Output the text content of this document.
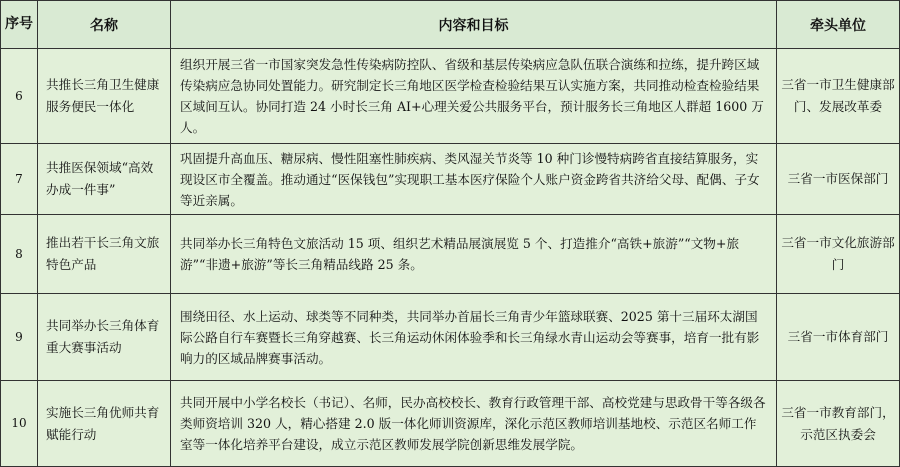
序号	名称	内容和目标	牵头单位
6	共推长三角卫生健康服务便民一体化	组织开展三省一市国家突发急性传染病防控队、省级和基层传染病应急队伍联合演练和拉练，提升跨区域传染病应急协同处置能力。研究制定长三角地区医学检查检验结果互认实施方案，共同推动检查检验结果区域间互认。协同打造 24 小时长三角 AI+心理关爱公共服务平台，预计服务长三角地区人群超 1600 万人。	三省一市卫生健康部门、发展改革委
7	共推医保领域“高效办成一件事”	巩固提升高血压、糖尿病、慢性阻塞性肺疾病、类风湿关节炎等 10 种门诊慢特病跨省直接结算服务，实现设区市全覆盖。推动通过“医保钱包”实现职工基本医疗保险个人账户资金跨省共济给父母、配偶、子女等近亲属。	三省一市医保部门
8	推出若干长三角文旅特色产品	共同举办长三角特色文旅活动 15 项、组织艺术精品展演展览 5 个、打造推介“高铁+旅游”“文物+旅游”“非遗+旅游”等长三角精品线路 25 条。	三省一市文化旅游部门
9	共同举办长三角体育重大赛事活动	围绕田径、水上运动、球类等不同种类，共同举办首届长三角青少年篮球联赛、2025 第十三届环太湖国际公路自行车赛暨长三角穿越赛、长三角运动休闲体验季和长三角绿水青山运动会等赛事，培育一批有影响力的区域品牌赛事活动。	三省一市体育部门
10	实施长三角优师共育赋能行动	共同开展中小学名校长（书记）、名师，民办高校校长、教育行政管理干部、高校党建与思政骨干等各级各类师资培训 320 人，精心搭建 2.0 版一体化师训资源库，深化示范区教师培训基地校、示范区名师工作室等一体化培养平台建设，成立示范区教师发展学院创新思维发展学院。	三省一市教育部门，示范区执委会
